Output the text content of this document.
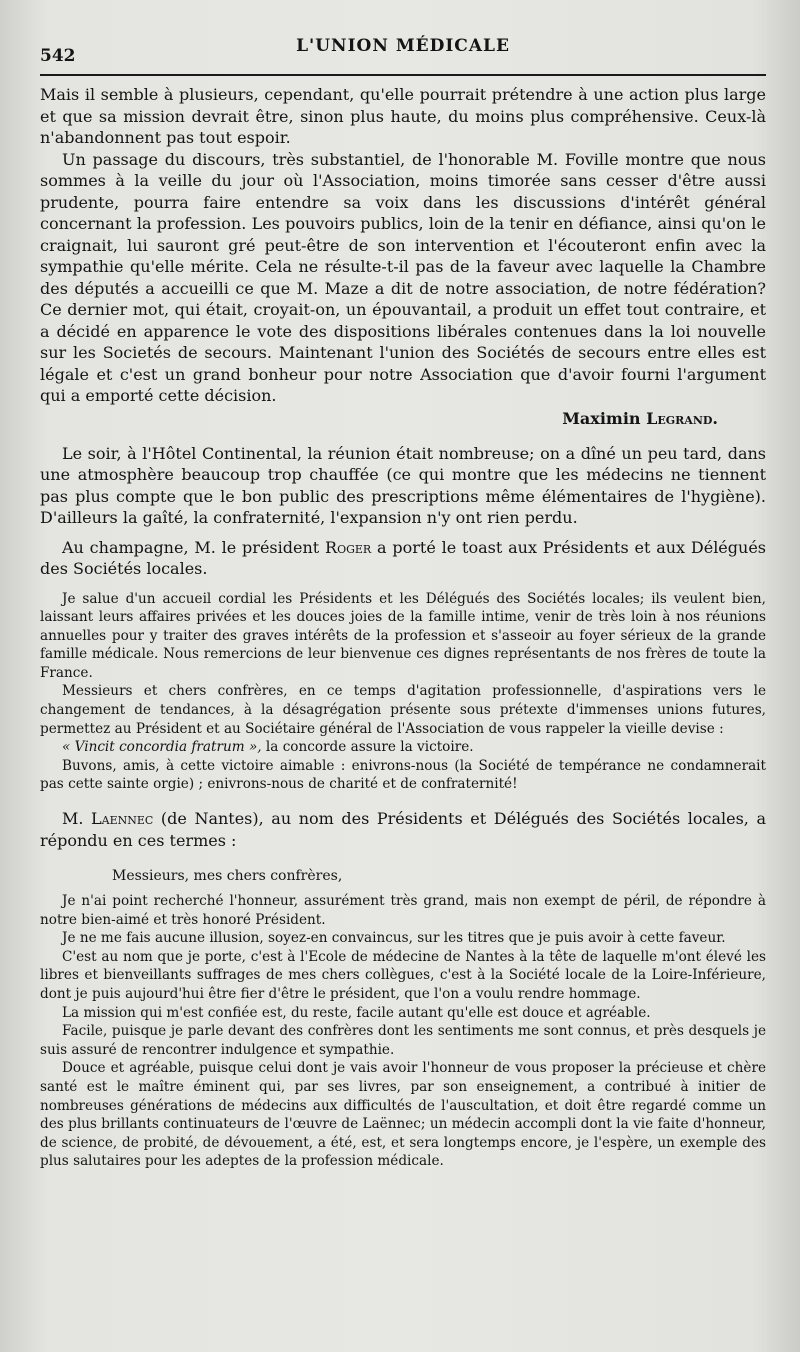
542	L'UNION MÉDICALE

Mais il semble à plusieurs, cependant, qu'elle pourrait prétendre à une action plus large et que sa mission devrait être, sinon plus haute, du moins plus compréhensive. Ceux-là n'abandonnent pas tout espoir.

Un passage du discours, très substantiel, de l'honorable M. Foville montre que nous sommes à la veille du jour où l'Association, moins timorée sans cesser d'être aussi prudente, pourra faire entendre sa voix dans les discussions d'intérêt général concernant la profession. Les pouvoirs publics, loin de la tenir en défiance, ainsi qu'on le craignait, lui sauront gré peut-être de son intervention et l'écouteront enfin avec la sympathie qu'elle mérite. Cela ne résulte-t-il pas de la faveur avec laquelle la Chambre des députés a accueilli ce que M. Maze a dit de notre association, de notre fédération? Ce dernier mot, qui était, croyait-on, un épouvantail, a produit un effet tout contraire, et a décidé en apparence le vote des dispositions libérales contenues dans la loi nouvelle sur les Societés de secours. Maintenant l'union des Sociétés de secours entre elles est légale et c'est un grand bonheur pour notre Association que d'avoir fourni l'argument qui a emporté cette décision.

Maximin Legrand.

Le soir, à l'Hôtel Continental, la réunion était nombreuse; on a dîné un peu tard, dans une atmosphère beaucoup trop chauffée (ce qui montre que les médecins ne tiennent pas plus compte que le bon public des prescriptions même élémentaires de l'hygiène). D'ailleurs la gaîté, la confraternité, l'expansion n'y ont rien perdu.

Au champagne, M. le président Roger a porté le toast aux Présidents et aux Délégués des Sociétés locales.

Je salue d'un accueil cordial les Présidents et les Délégués des Sociétés locales; ils veulent bien, laissant leurs affaires privées et les douces joies de la famille intime, venir de très loin à nos réunions annuelles pour y traiter des graves intérêts de la profession et s'asseoir au foyer sérieux de la grande famille médicale. Nous remercions de leur bienvenue ces dignes représentants de nos frères de toute la France.

Messieurs et chers confrères, en ce temps d'agitation professionnelle, d'aspirations vers le changement de tendances, à la désagrégation présente sous prétexte d'immenses unions futures, permettez au Président et au Sociétaire général de l'Association de vous rappeler la vieille devise :

« Vincit concordia fratrum », la concorde assure la victoire.

Buvons, amis, à cette victoire aimable : enivrons-nous (la Société de tempérance ne condamnerait pas cette sainte orgie) ; enivrons-nous de charité et de confraternité!

M. Laennec (de Nantes), au nom des Présidents et Délégués des Sociétés locales, a répondu en ces termes :

Messieurs, mes chers confrères,

Je n'ai point recherché l'honneur, assurément très grand, mais non exempt de péril, de répondre à notre bien-aimé et très honoré Président.

Je ne me fais aucune illusion, soyez-en convaincus, sur les titres que je puis avoir à cette faveur.

C'est au nom que je porte, c'est à l'Ecole de médecine de Nantes à la tête de laquelle m'ont élevé les libres et bienveillants suffrages de mes chers collègues, c'est à la Société locale de la Loire-Inférieure, dont je puis aujourd'hui être fier d'être le président, que l'on a voulu rendre hommage.

La mission qui m'est confiée est, du reste, facile autant qu'elle est douce et agréable.

Facile, puisque je parle devant des confrères dont les sentiments me sont connus, et près desquels je suis assuré de rencontrer indulgence et sympathie.

Douce et agréable, puisque celui dont je vais avoir l'honneur de vous proposer la précieuse et chère santé est le maître éminent qui, par ses livres, par son enseignement, a contribué à initier de nombreuses générations de médecins aux difficultés de l'auscultation, et doit être regardé comme un des plus brillants continuateurs de l'œuvre de Laënnec; un médecin accompli dont la vie faite d'honneur, de science, de probité, de dévouement, a été, est, et sera longtemps encore, je l'espère, un exemple des plus salutaires pour les adeptes de la profession médicale.
